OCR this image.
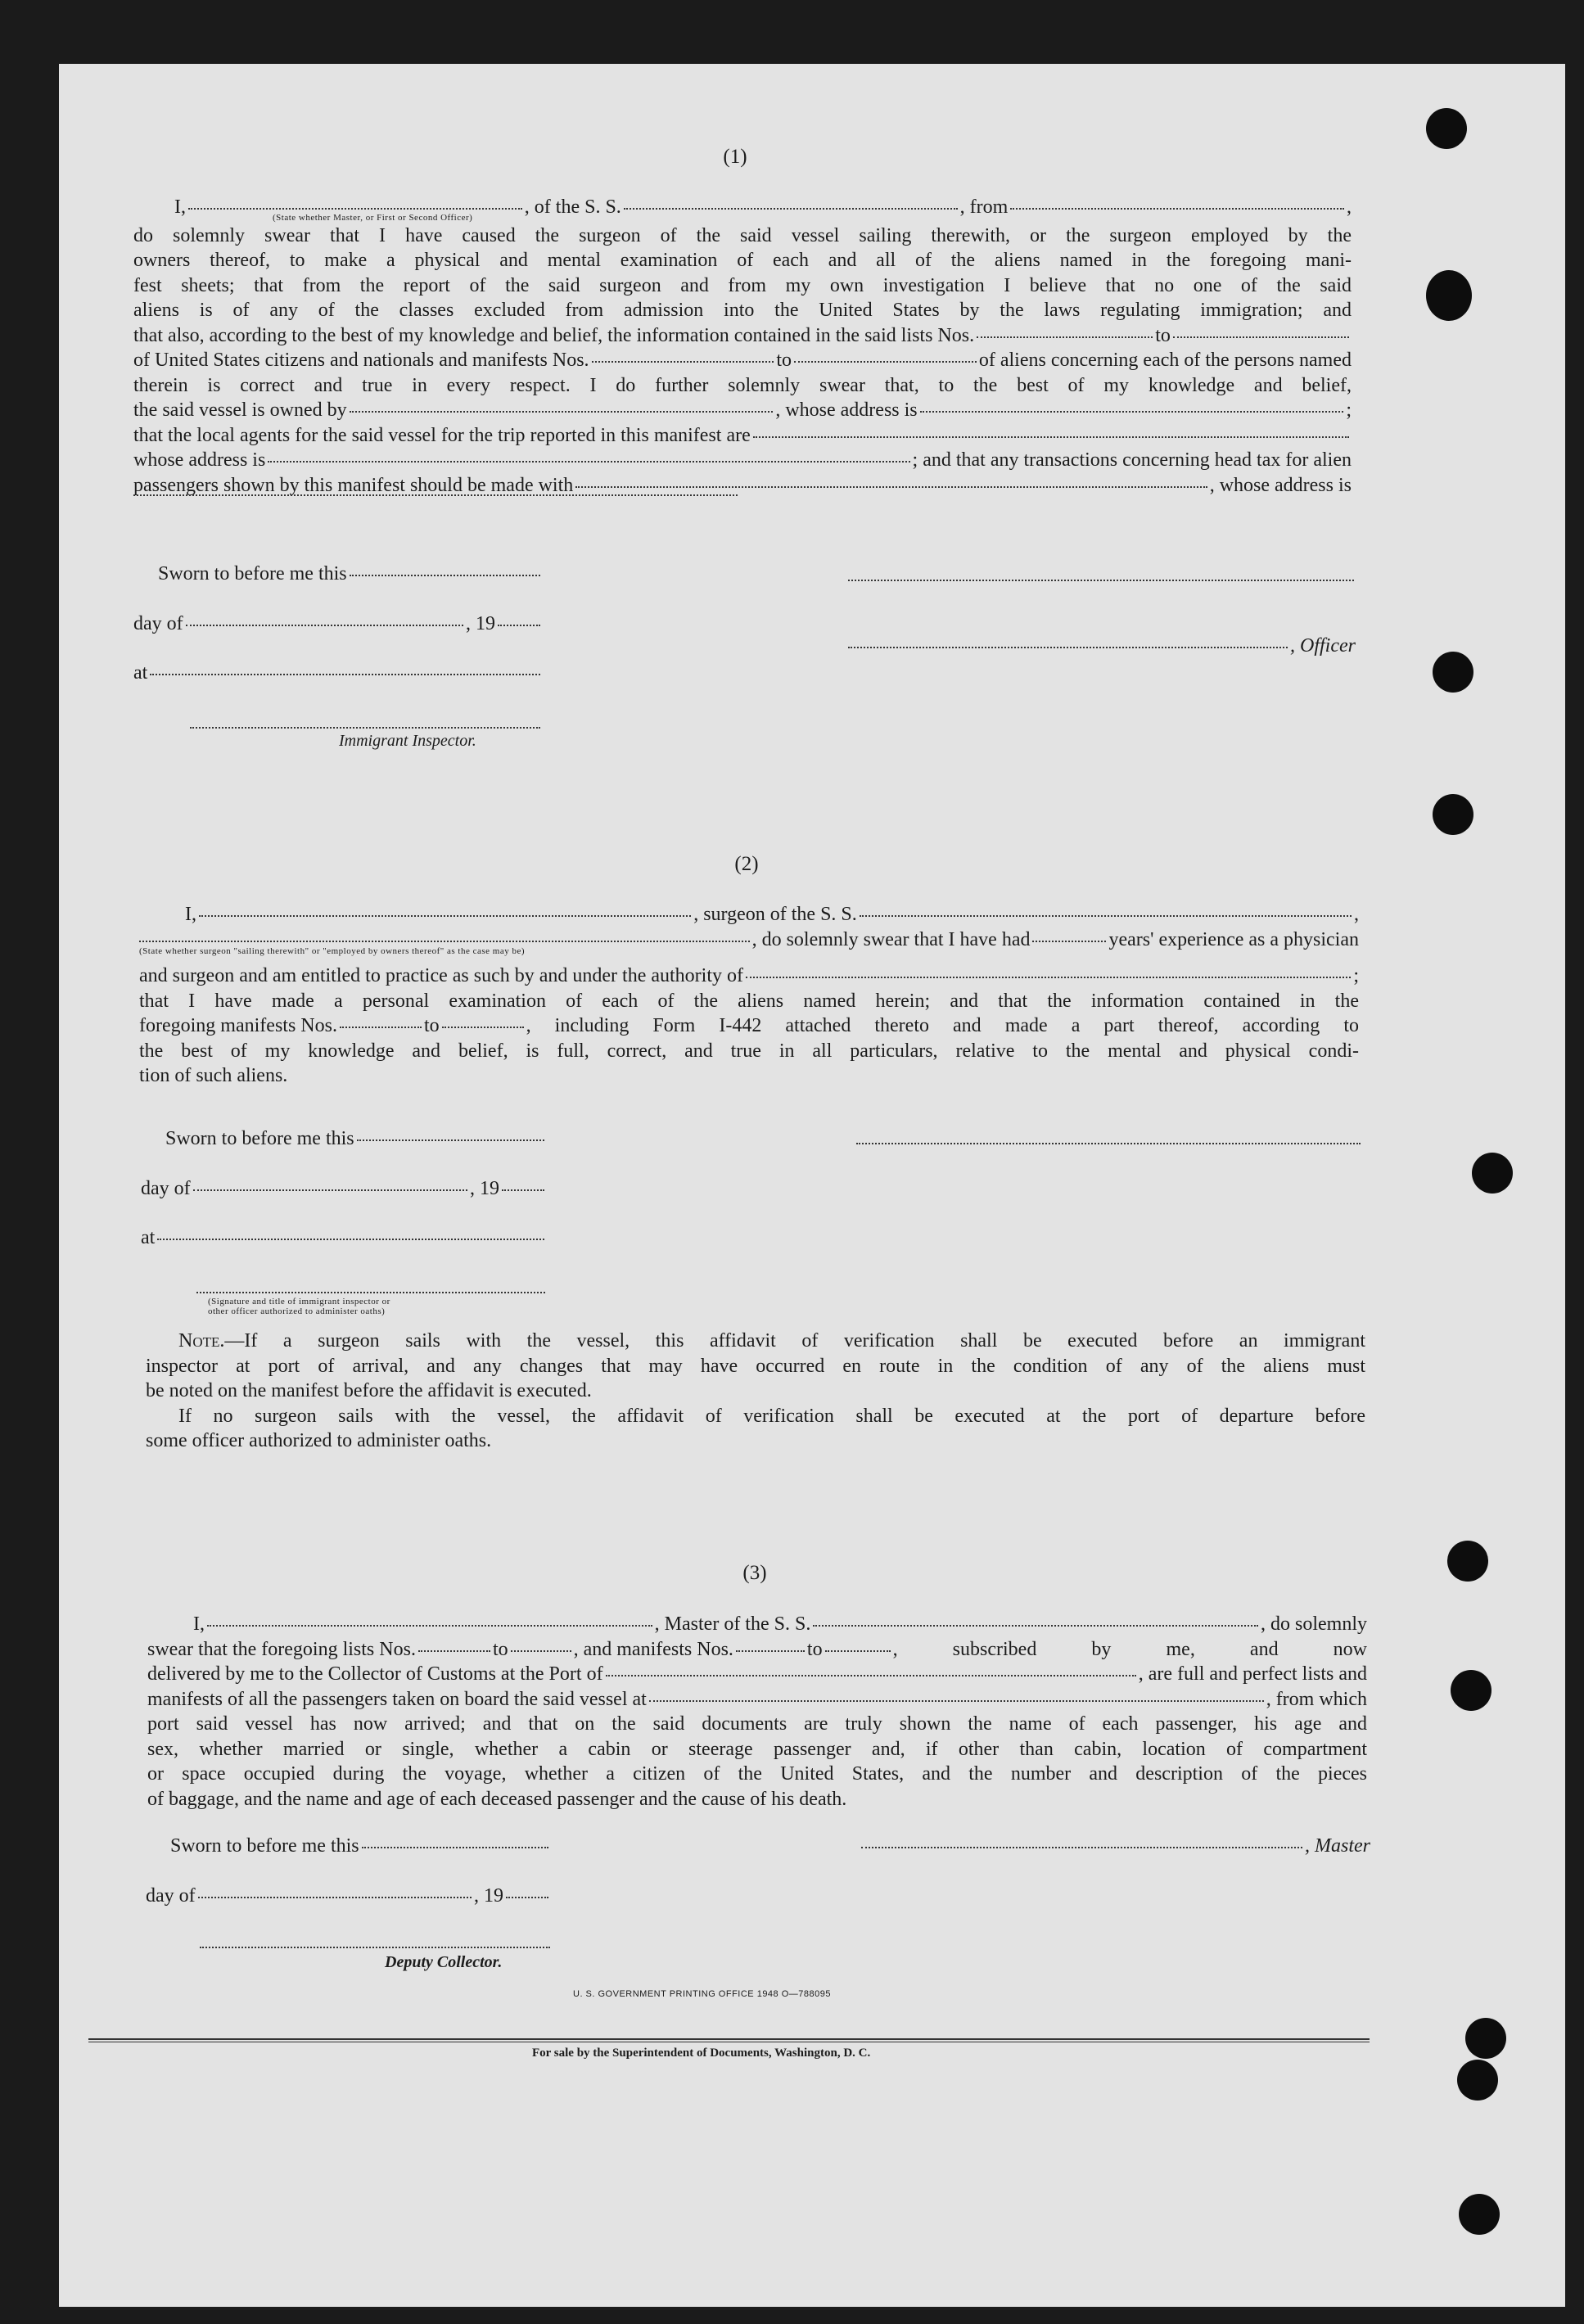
(1)
I,	, of the S. S.	, from	,
(State whether Master, or First or Second Officer)
do solemnly swear that I have caused the surgeon of the said vessel sailing therewith, or the surgeon employed by the
owners thereof, to make a physical and mental examination of each and all of the aliens named in the foregoing mani-
fest sheets; that from the report of the said surgeon and from my own investigation I believe that no one of the said
aliens is of any of the classes excluded from admission into the United States by the laws regulating immigration; and
that also, according to the best of my knowledge and belief, the information contained in the said lists Nos.	to
of United States citizens and nationals and manifests Nos.	to	of aliens concerning each of the persons named
therein is correct and true in every respect. I do further solemnly swear that, to the best of my knowledge and belief,
the said vessel is owned by	, whose address is	;
that the local agents for the said vessel for the trip reported in this manifest are
whose address is	; and that any transactions concerning head tax for alien
passengers shown by this manifest should be made with	, whose address is
Sworn to before me this
day of	, 19
at
Immigrant Inspector.
, Officer
(2)
I,	, surgeon of the S. S.	,
, do solemnly swear that I have had	years' experience as a physician
(State whether surgeon "sailing therewith" or "employed by owners thereof" as the case may be)
and surgeon and am entitled to practice as such by and under the authority of	;
that I have made a personal examination of each of the aliens named herein; and that the information contained in the
foregoing manifests Nos.	to	, including Form I-442 attached thereto and made a part thereof, according to
the best of my knowledge and belief, is full, correct, and true in all particulars, relative to the mental and physical condi-
tion of such aliens.
Sworn to before me this
day of	, 19
at
(Signature and title of immigrant inspector or
other officer authorized to administer oaths)
Note.—If a surgeon sails with the vessel, this affidavit of verification shall be executed before an immigrant
inspector at port of arrival, and any changes that may have occurred en route in the condition of any of the aliens must
be noted on the manifest before the affidavit is executed.
If no surgeon sails with the vessel, the affidavit of verification shall be executed at the port of departure before
some officer authorized to administer oaths.
(3)
I,	, Master of the S. S.	, do solemnly
swear that the foregoing lists Nos.	to	, and manifests Nos.	to	, subscribed by me, and now
delivered by me to the Collector of Customs at the Port of	, are full and perfect lists and
manifests of all the passengers taken on board the said vessel at	, from which
port said vessel has now arrived; and that on the said documents are truly shown the name of each passenger, his age and
sex, whether married or single, whether a cabin or steerage passenger and, if other than cabin, location of compartment
or space occupied during the voyage, whether a citizen of the United States, and the number and description of the pieces
of baggage, and the name and age of each deceased passenger and the cause of his death.
Sworn to before me this
day of	, 19
, Master
Deputy Collector.
U. S. GOVERNMENT PRINTING OFFICE 1948 O—788095
For sale by the Superintendent of Documents, Washington, D. C.
